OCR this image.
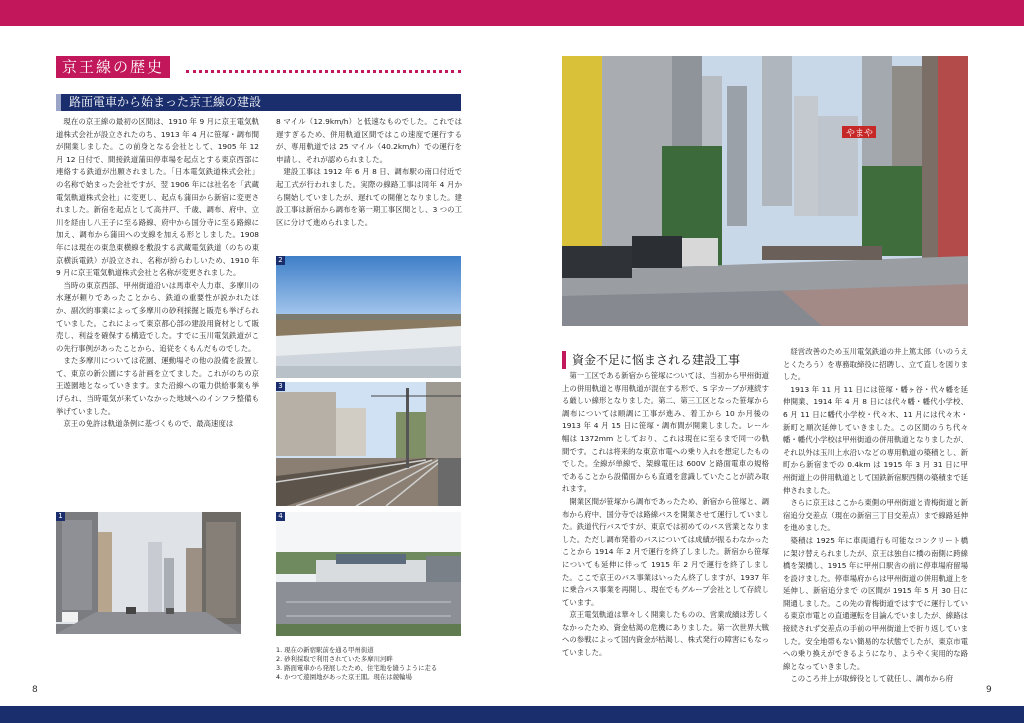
京王線の歴史
路面電車から始まった京王線の建設

現在の京王線の最初の区間は、1910 年 9 月に京王電気軌道株式会社が設立されたのち、1913 年 4 月に笹塚・調布間が開業しました。この前身となる会社として、1905 年 12 月 12 日付で、間接鉄道蒲田停車場を起点とする東京西部に連絡する鉄道が出願されました。「日本電気鉄道株式会社」の名称で始まった会社ですが、翌 1906 年には社名を「武蔵電気軌道株式会社」に変更し、起点も蒲田から新宿に変更されました。新宿を起点として高井戸、千歳、調布、府中、立川を経由し八王子に至る路線、府中から国分寺に至る路線に加え、調布から蒲田への支線を加える形としました。1908 年には現在の東急東横線を敷設する武蔵電気鉄道（のちの東京横浜電鉄）が設立され、名称が紛らわしいため、1910 年 9 月に京王電気軌道株式会社と名称が変更されました。

当時の東京西部、甲州街道沿いは馬車や人力車、多摩川の水運が頼りであったことから、鉄道の重要性が説かれたほか、副次的事業によって多摩川の砂利採掘と販売も挙げられていました。これによって東京都心部の建設用資材として販売し、利益を確保する構造でした。すでに玉川電気鉄道がこの先行事例があったことから、追従をくもんだものでした。

また多摩川については花園、運動場その他の設備を設置して、東京の新公園にする計画を立てました。これがのちの京王遊園地となっていきます。また沿線への電力供給事業も挙げられ、当時電気が来ていなかった地域へのインフラ整備も挙げていました。

京王の免許は軌道条例に基づくもので、最高速度は

8 マイル（12.9km/h）と低速なものでした。これでは遅すぎるため、併用軌道区間ではこの速度で運行するが、専用軌道では 25 マイル（40.2km/h）での運行を申請し、それが認められました。

建設工事は 1912 年 6 月 8 日、調布駅の南口付近で起工式が行われました。実際の線路工事は同年 4 月から開始していましたが、遅れての開催となりました。建設工事は新宿から調布を第一期工事区間とし、3 つの工区に分けて進められました。

1
2
3
4
1. 現在の新宿駅前を通る甲州街道
2. 砂利採取で利用されていた多摩川河畔
3. 路面電車から発展したため、住宅地を縫うように走る
4. かつて遊園地があった京王閣。現在は競輪場
8
やまや
資金不足に悩まされる建設工事

第一工区である新宿から笹塚については、当初から甲州街道上の併用軌道と専用軌道が混在する形で、S 字カーブが連続する厳しい線形となりました。第二、第三工区となった笹塚から調布については順調に工事が進み、着工から 10 か月後の 1913 年 4 月 15 日に笹塚・調布間が開業しました。レール幅は 1372mm としており、これは現在に至るまで同一の軌間です。これは将来的な東京市電への乗り入れを想定したものでした。全線が単線で、架線電圧は 600V と路面電車の規格であることから設備面からも直通を意識していたことが読み取れます。

開業区間が笹塚から調布であったため、新宿から笹塚と、調布から府中、国分寺では路線バスを開業させて運行していました。鉄道代行バスですが、東京では初めてのバス営業となりました。ただし調布発着のバスについては成績が振るわなかったことから 1914 年 2 月で運行を終了しました。新宿から笹塚についても延伸に伴って 1915 年 2 月で運行を終了しました。ここで京王のバス事業はいったん終了しますが、1937 年に乗合バス事業を再開し、現在でもグループ会社として存続しています。

京王電気軌道は華々しく開業したものの、営業成績は芳しくなかったため、資金枯渇の危機にありました。第一次世界大戦への参戦によって国内資金が枯渇し、株式発行の障害にもなっていました。

経営改善のため玉川電気鉄道の井上篤太郎（いのうえとくたろう）を専務取締役に招聘し、立て直しを図りました。

1913 年 11 月 11 日には笹塚・幡ヶ谷・代々幡を延伸開業、1914 年 4 月 8 日には代々幡・幡代小学校、6 月 11 日に幡代小学校・代々木、11 月には代々木・新町と順次延伸していきました。この区間のうち代々幡・幡代小学校は甲州街道の併用軌道となりましたが、それ以外は玉川上水沿いなどの専用軌道の築積とし、新町から新宿までの 0.4km は 1915 年 3 月 31 日に甲州街道上の併用軌道として国鉄新宿駅西側の築積まで延伸されました。

さらに京王はここから東側の甲州街道と青梅街道と新宿追分交差点（現在の新宿三丁目交差点）まで線路延伸を進めました。

築積は 1925 年に車両通行も可能なコンクリート橋に架け替えられましたが、京王は独自に橋の南側に跨線橋を架橋し、1915 年に甲州口駅舎の前に停車場府留場を設けました。停車場府からは甲州街道の併用軌道上を延伸し、新宿追分まで の区間が 1915 年 5 月 30 日に開通しました。この先の青梅街道ではすでに運行している東京市電との直通運転を目論んでいましたが、線路は接続されず交差点の手前の甲州街道上で折り返していました。安全地帯もない簡易的な状態でしたが、東京市電への乗り換えができるようになり、ようやく実用的な路線となっていきました。

このころ井上が取締役として就任し、調布から府

9
